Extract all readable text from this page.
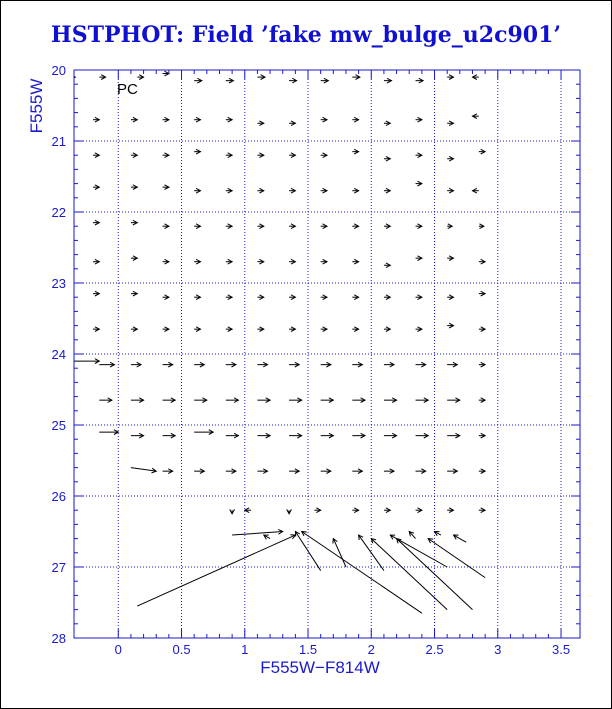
HSTPHOT: Field ’fake mw_bulge_u2c901’
0	0.5	1	1.5	2	2.5	3	3.5
20
21
22
23
24
25
26
27
28
F555W
F555W−F814W
PC
